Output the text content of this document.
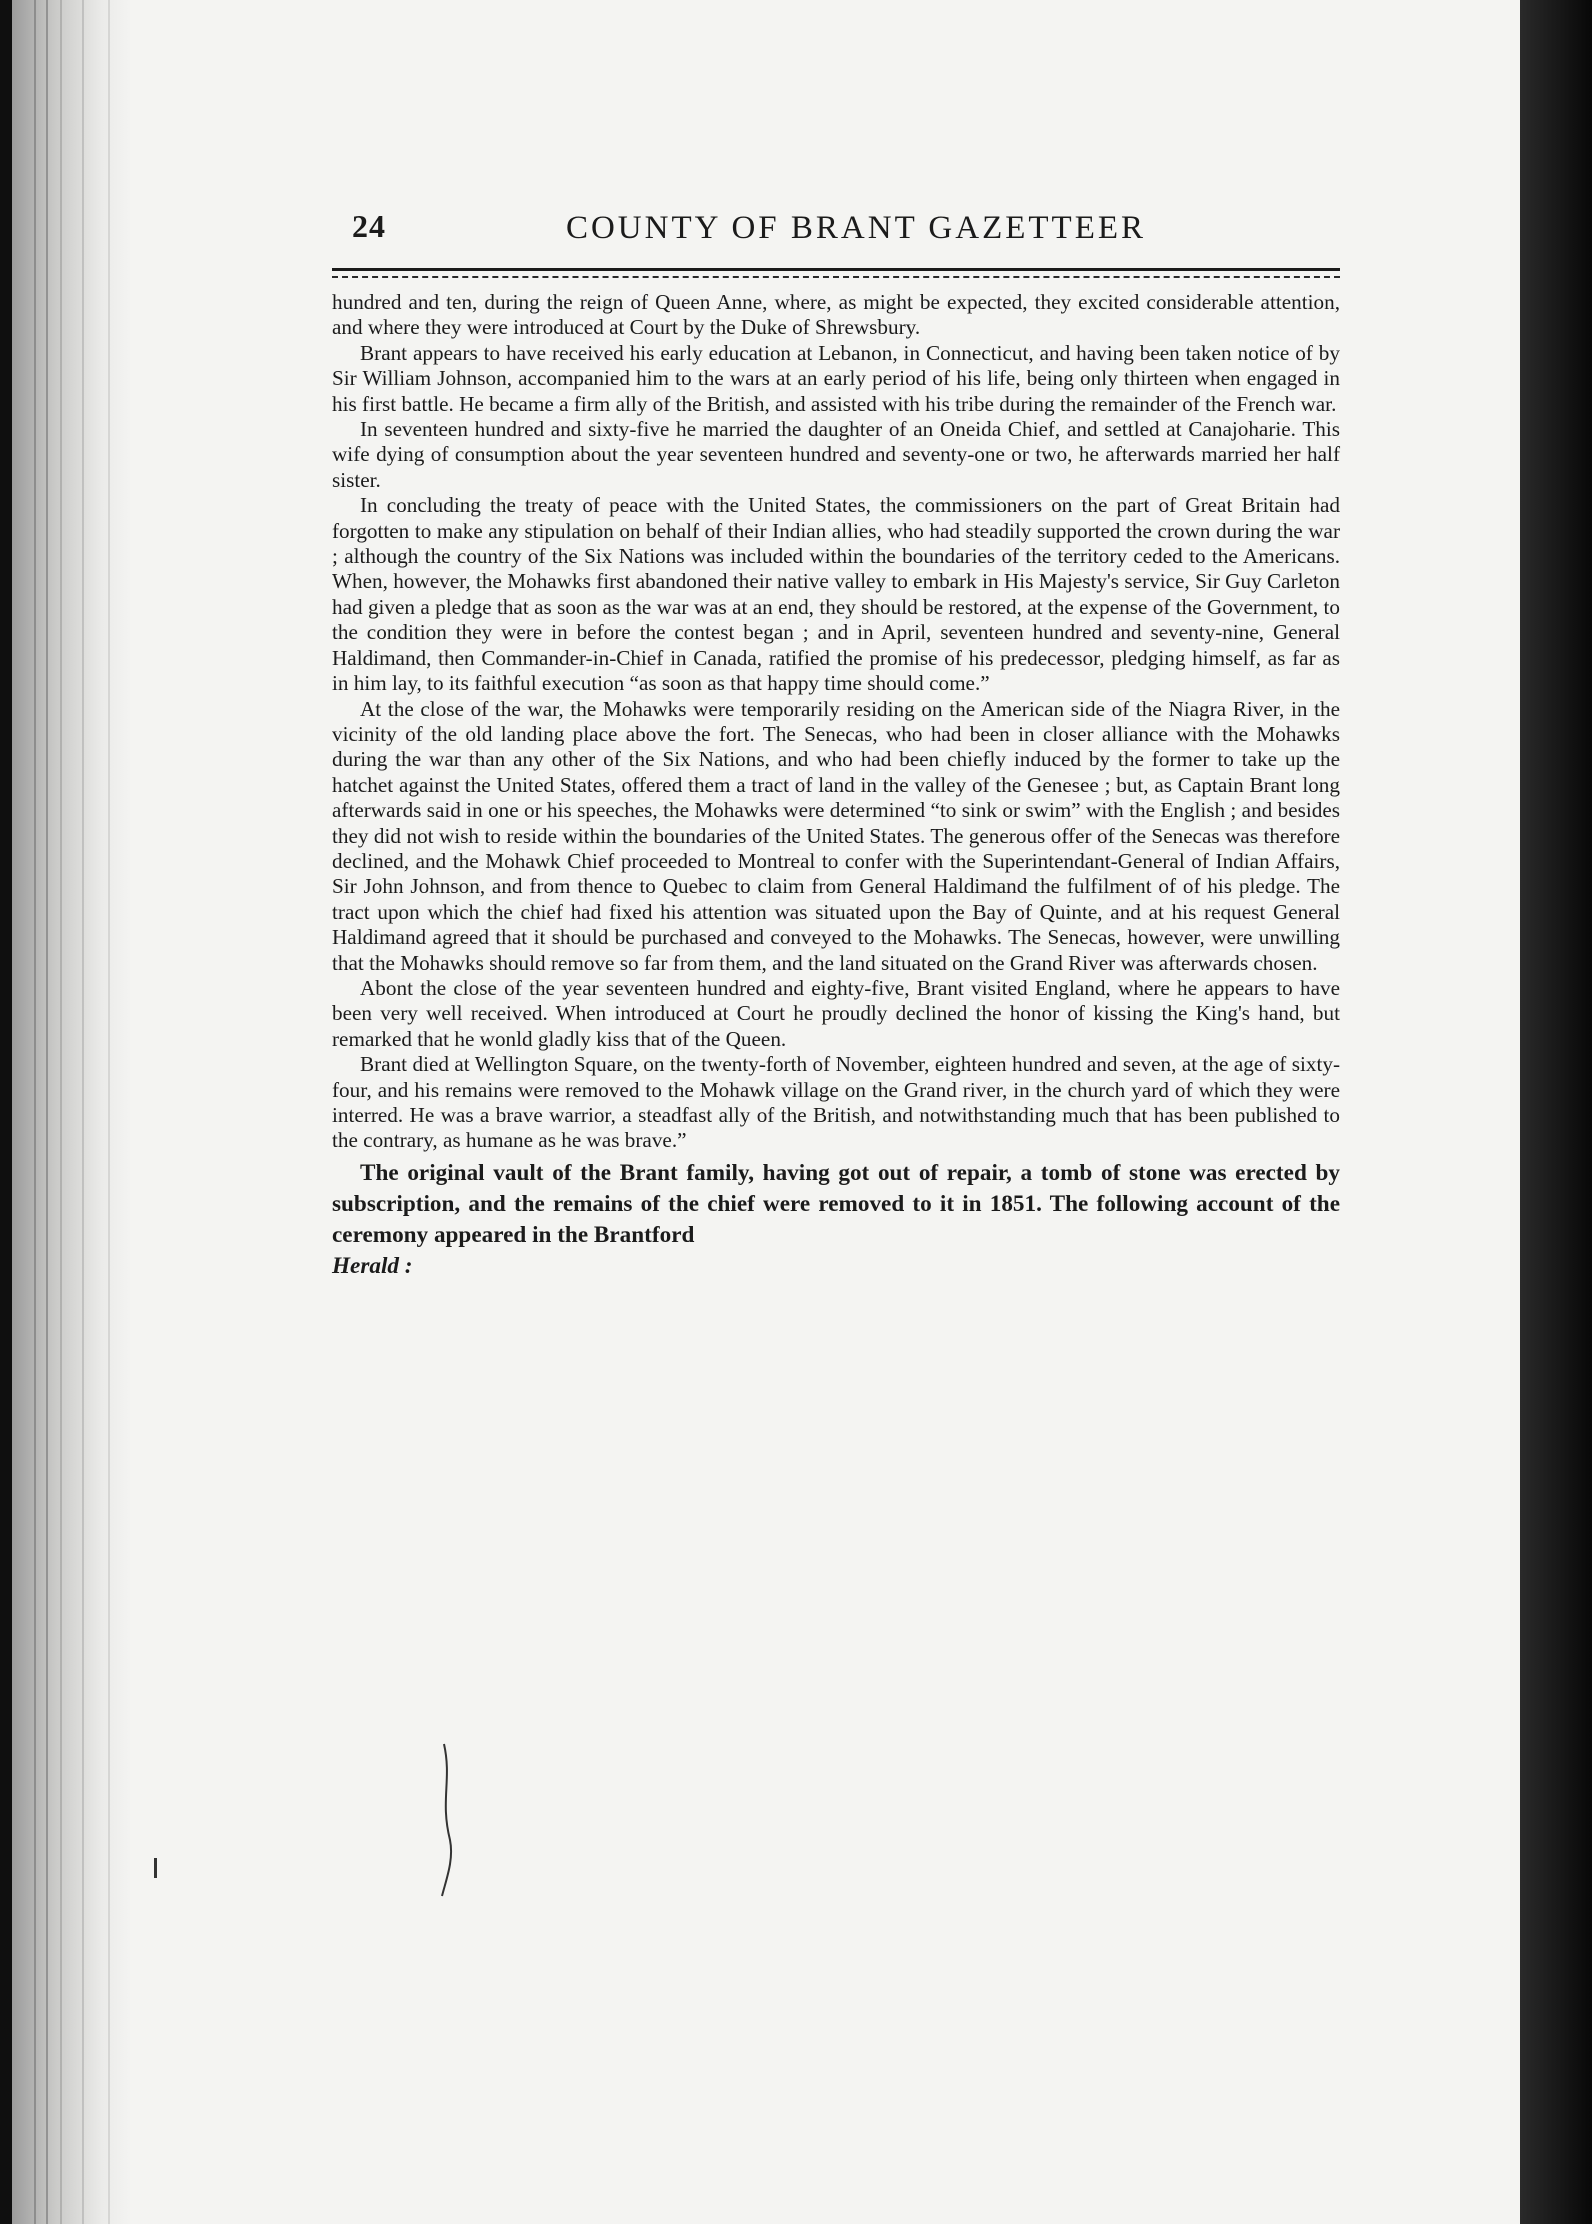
24	COUNTY OF BRANT GAZETTEER

hundred and ten, during the reign of Queen Anne, where, as might be expected, they excited considerable attention, and where they were introduced at Court by the Duke of Shrewsbury.

Brant appears to have received his early education at Lebanon, in Connecticut, and having been taken notice of by Sir William Johnson, accompanied him to the wars at an early period of his life, being only thirteen when engaged in his first battle. He became a firm ally of the British, and assisted with his tribe during the remainder of the French war.

In seventeen hundred and sixty-five he married the daughter of an Oneida Chief, and settled at Canajoharie. This wife dying of consumption about the year seventeen hundred and seventy-one or two, he afterwards married her half sister.

In concluding the treaty of peace with the United States, the commissioners on the part of Great Britain had forgotten to make any stipulation on behalf of their Indian allies, who had steadily supported the crown during the war ; although the country of the Six Nations was included within the boundaries of the territory ceded to the Americans. When, however, the Mohawks first abandoned their native valley to embark in His Majesty's service, Sir Guy Carleton had given a pledge that as soon as the war was at an end, they should be restored, at the expense of the Government, to the condition they were in before the contest began ; and in April, seventeen hundred and seventy-nine, General Haldimand, then Commander-in-Chief in Canada, ratified the promise of his predecessor, pledging himself, as far as in him lay, to its faithful execution “as soon as that happy time should come.”

At the close of the war, the Mohawks were temporarily residing on the American side of the Niagra River, in the vicinity of the old landing place above the fort. The Senecas, who had been in closer alliance with the Mohawks during the war than any other of the Six Nations, and who had been chiefly induced by the former to take up the hatchet against the United States, offered them a tract of land in the valley of the Genesee ; but, as Captain Brant long afterwards said in one or his speeches, the Mohawks were determined “to sink or swim” with the English ; and besides they did not wish to reside within the boundaries of the United States. The generous offer of the Senecas was therefore declined, and the Mohawk Chief proceeded to Montreal to confer with the Superintendant-General of Indian Affairs, Sir John Johnson, and from thence to Quebec to claim from General Haldimand the fulfilment of of his pledge. The tract upon which the chief had fixed his attention was situated upon the Bay of Quinte, and at his request General Haldimand agreed that it should be purchased and conveyed to the Mohawks. The Senecas, however, were unwilling that the Mohawks should remove so far from them, and the land situated on the Grand River was afterwards chosen.

Abont the close of the year seventeen hundred and eighty-five, Brant visited England, where he appears to have been very well received. When introduced at Court he proudly declined the honor of kissing the King's hand, but remarked that he wonld gladly kiss that of the Queen.

Brant died at Wellington Square, on the twenty-forth of November, eighteen hundred and seven, at the age of sixty-four, and his remains were removed to the Mohawk village on the Grand river, in the church yard of which they were interred. He was a brave warrior, a steadfast ally of the British, and notwithstanding much that has been published to the contrary, as humane as he was brave.”

The original vault of the Brant family, having got out of repair, a tomb of stone was erected by subscription, and the remains of the chief were removed to it in 1851. The following account of the ceremony appeared in the Brantford
Herald :
